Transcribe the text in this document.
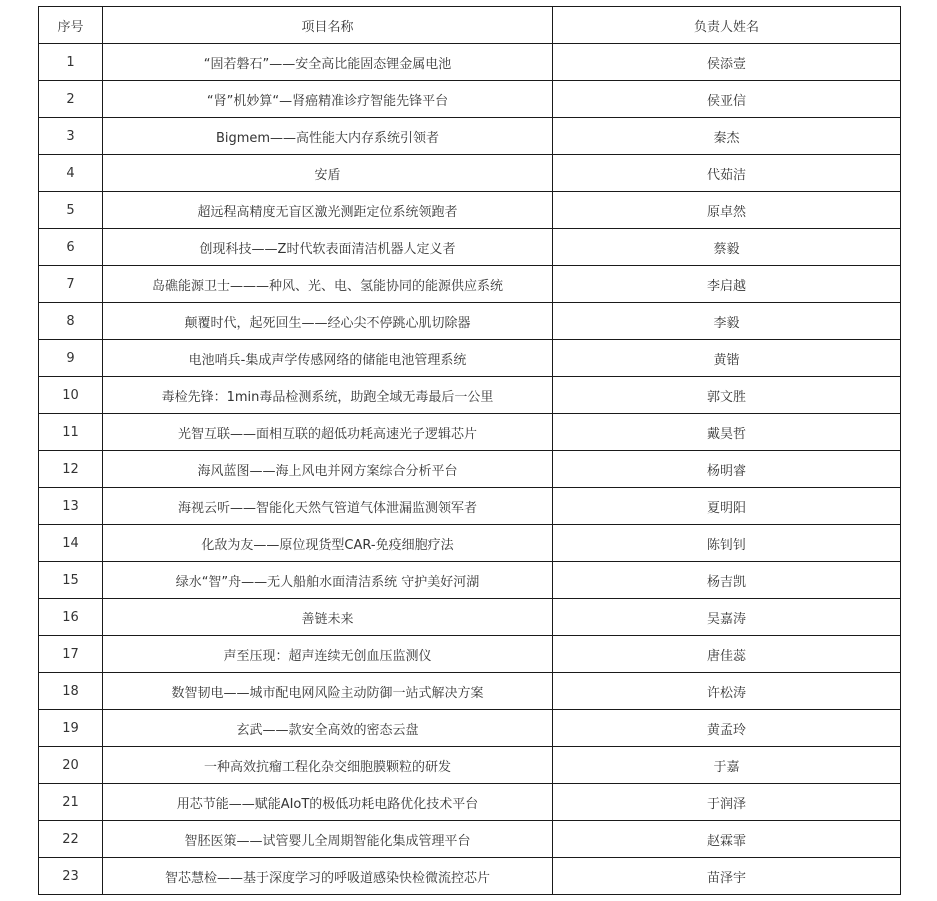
序号	项目名称	负责人姓名
1	“固若磐石”——安全高比能固态锂金属电池	侯添壹
2	“肾”机妙算“—肾癌精准诊疗智能先锋平台	侯亚信
3	Bigmem——高性能大内存系统引领者	秦杰
4	安盾	代茹洁
5	超远程高精度无盲区激光测距定位系统领跑者	原卓然
6	创现科技——Z时代软表面清洁机器人定义者	蔡毅
7	岛礁能源卫士———种风、光、电、氢能协同的能源供应系统	李启越
8	颠覆时代，起死回生——经心尖不停跳心肌切除器	李毅
9	电池哨兵-集成声学传感网络的储能电池管理系统	黄锴
10	毒检先锋：1min毒品检测系统，助跑全域无毒最后一公里	郭文胜
11	光智互联——面相互联的超低功耗高速光子逻辑芯片	戴昊哲
12	海风蓝图——海上风电并网方案综合分析平台	杨明睿
13	海视云听——智能化天然气管道气体泄漏监测领军者	夏明阳
14	化敌为友——原位现货型CAR-免疫细胞疗法	陈钊钊
15	绿水“智”舟——无人船舶水面清洁系统 守护美好河湖	杨吉凯
16	善链未来	吴嘉涛
17	声至压现：超声连续无创血压监测仪	唐佳蕊
18	数智韧电——城市配电网风险主动防御一站式解决方案	许松涛
19	玄武——款安全高效的密态云盘	黄孟玲
20	一种高效抗瘤工程化杂交细胞膜颗粒的研发	于嘉
21	用芯节能——赋能AIoT的极低功耗电路优化技术平台	于润泽
22	智胚医策——试管婴儿全周期智能化集成管理平台	赵霖霏
23	智芯慧检——基于深度学习的呼吸道感染快检微流控芯片	苗泽宇
